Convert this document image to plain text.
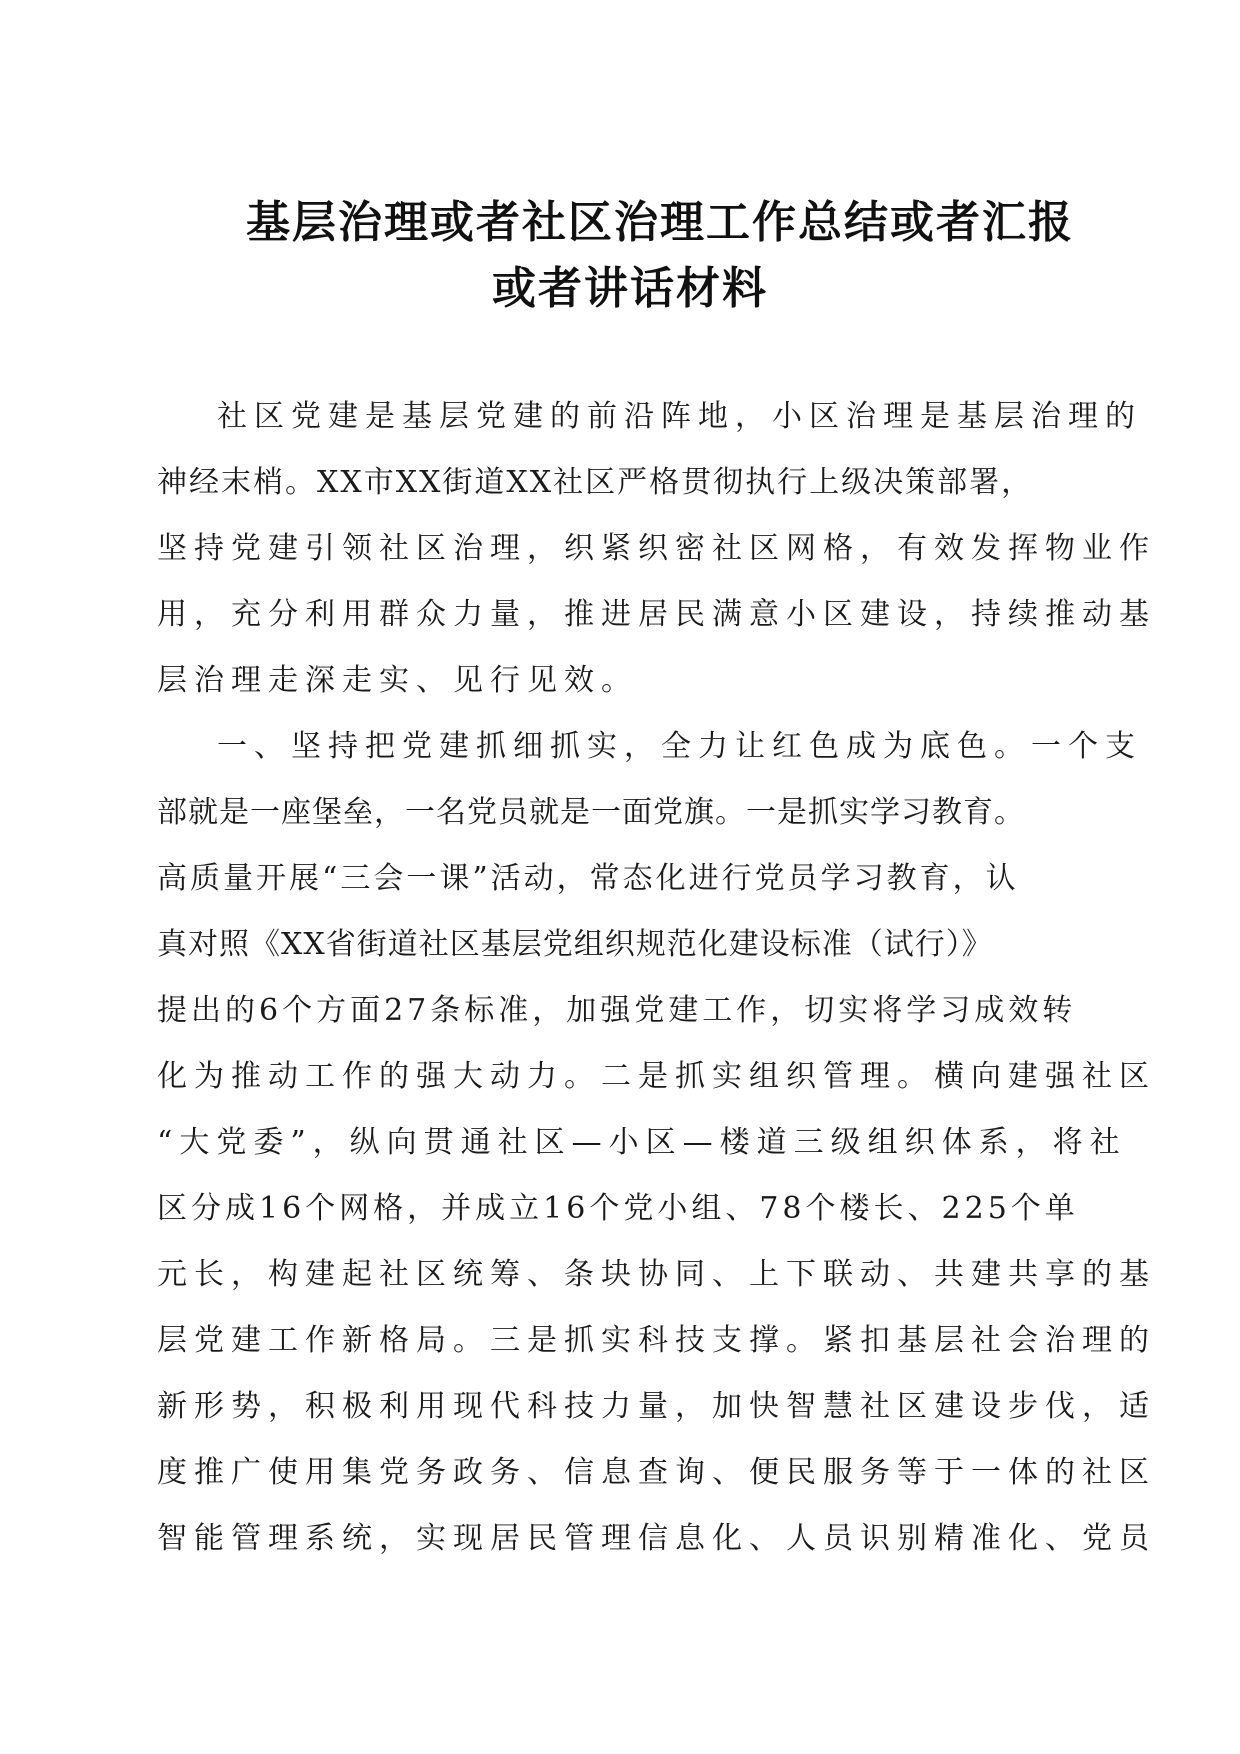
基层治理或者社区治理工作总结或者汇报
或者讲话材料
社区党建是基层党建的前沿阵地，小区治理是基层治理的
神经末梢。XX市XX街道XX社区严格贯彻执行上级决策部署，
坚持党建引领社区治理，织紧织密社区网格，有效发挥物业作
用，充分利用群众力量，推进居民满意小区建设，持续推动基
层治理走深走实、见行见效。
一、坚持把党建抓细抓实，全力让红色成为底色。一个支
部就是一座堡垒，一名党员就是一面党旗。一是抓实学习教育。
高质量开展“三会一课”活动，常态化进行党员学习教育，认
真对照《XX省街道社区基层党组织规范化建设标准（试行）》
提出的6个方面27条标准，加强党建工作，切实将学习成效转
化为推动工作的强大动力。二是抓实组织管理。横向建强社区
“大党委”，纵向贯通社区—小区—楼道三级组织体系，将社
区分成16个网格，并成立16个党小组、78个楼长、225个单
元长，构建起社区统筹、条块协同、上下联动、共建共享的基
层党建工作新格局。三是抓实科技支撑。紧扣基层社会治理的
新形势，积极利用现代科技力量，加快智慧社区建设步伐，适
度推广使用集党务政务、信息查询、便民服务等于一体的社区
智能管理系统，实现居民管理信息化、人员识别精准化、党员
